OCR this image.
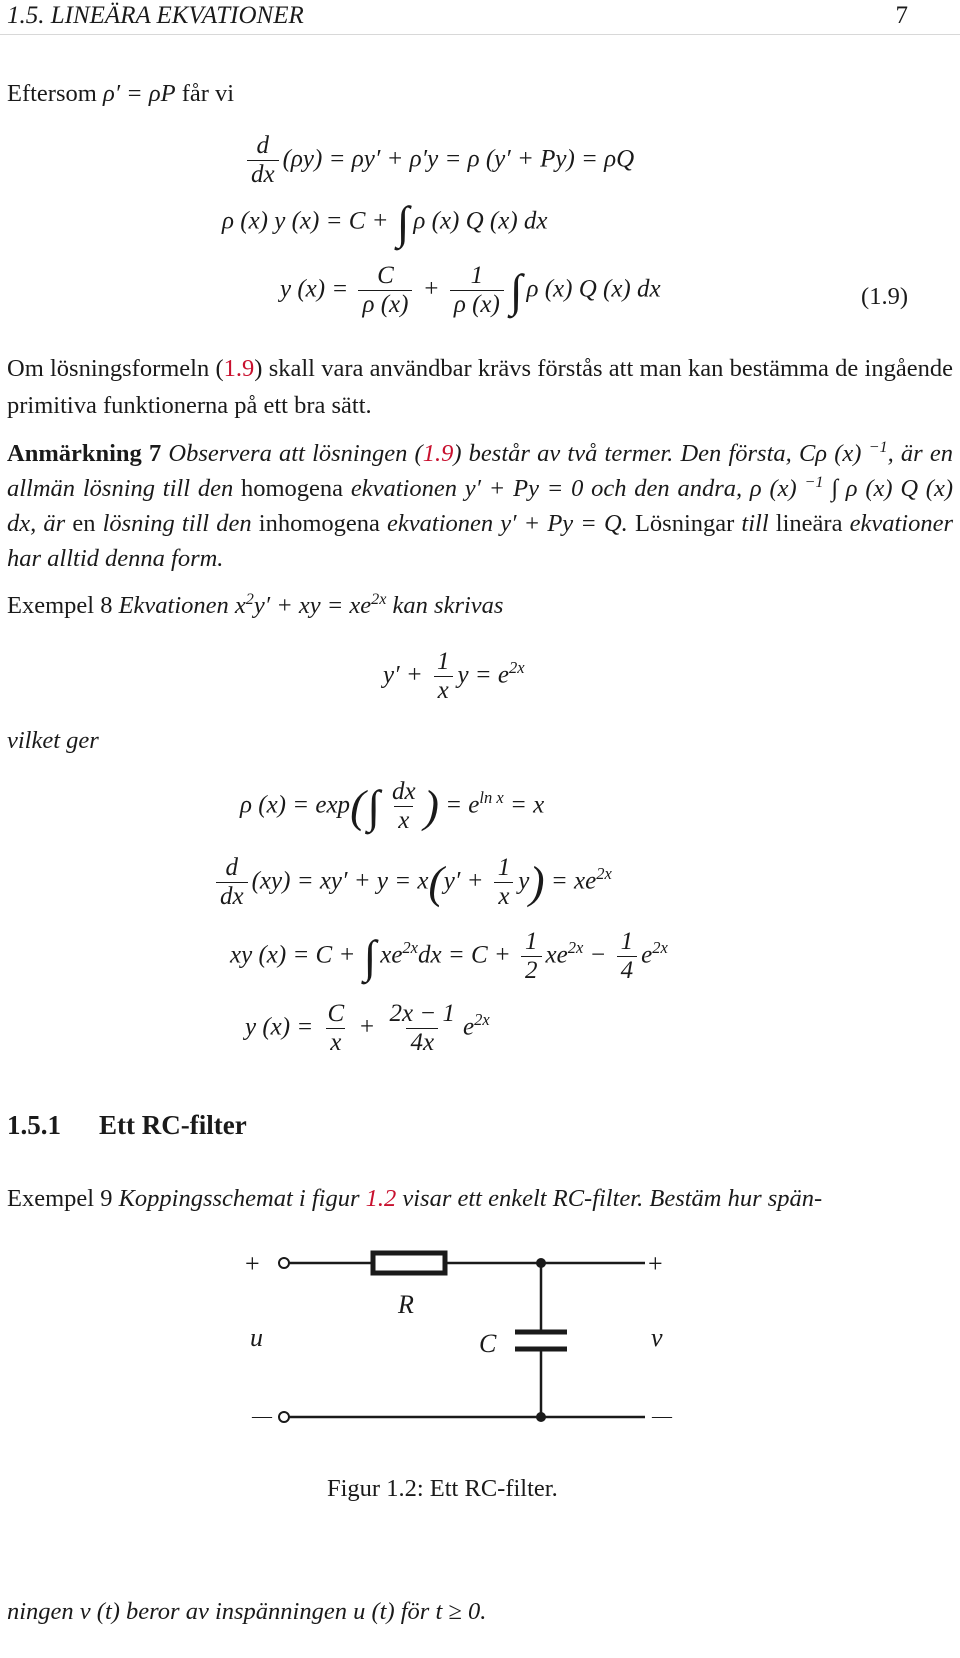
1.5. LINEÄRA EKVATIONER	7
Eftersom ρ′ = ρP får vi
$\frac{d}{dx} (\rho y) = \rho y' + \rho'y = \rho$ (y′ + Py) = ρQ
ρ (x) y (x) = C + ∫ ρ (x) Q (x) dx
y $(x) = \frac{C}{\rho (x)} + \frac{1}{\rho (x)}$ ∫ ρ (x) Q (x) dx	(1.9)
Om lösningsformeln (1.9) skall vara användbar krävs förstås att man kan bestämma de ingående primitiva funktionerna på ett bra sätt.
Anmärkning 7 Observera att lösningen (1.9) består av två termer. Den första, Cρ (x) $^{-1}$, är en allmän lösning till den homogena ekvationen y′ + Py = 0 och den andra, ρ (x) $^{-1}$ ∫ ρ (x) Q (x) dx, är en lösning till den inhomogena ekvationen y′ + Py = Q. Lösningar till lineära ekvationer har alltid denna form.
Exempel 8 Ekvationen $x^2y'$ + xy = $xe^{2x}$ kan skrivas
$y' + \frac{1}{x}$ $y = e^{2x}$
vilket ger
ρ $(x) = \exp(\int \frac{dx}{x}$ ) = $e^{ln x} = x$
$\frac{d}{dx} (xy) = xy' + y = x(y' + \frac{1}{x} y) = xe^{2x}$
xy (x) = C + ∫ $xe^{2x}dx = C + \frac{1}{2} xe^{2x} - \frac{1}{4} e^{2x}$
y $(x) = \frac{C}{x} + \frac{2x - 1}{4x} e^{2x}$
1.5.1 Ett RC-filter
Exempel 9 Koppingsschemat i figur 1.2 visar ett enkelt RC-filter. Bestäm hur spän-
+
—
+
—
R
C
u	v
Figur 1.2: Ett RC-filter.
ningen v (t) beror av inspänningen u (t) för t ≥ 0.
